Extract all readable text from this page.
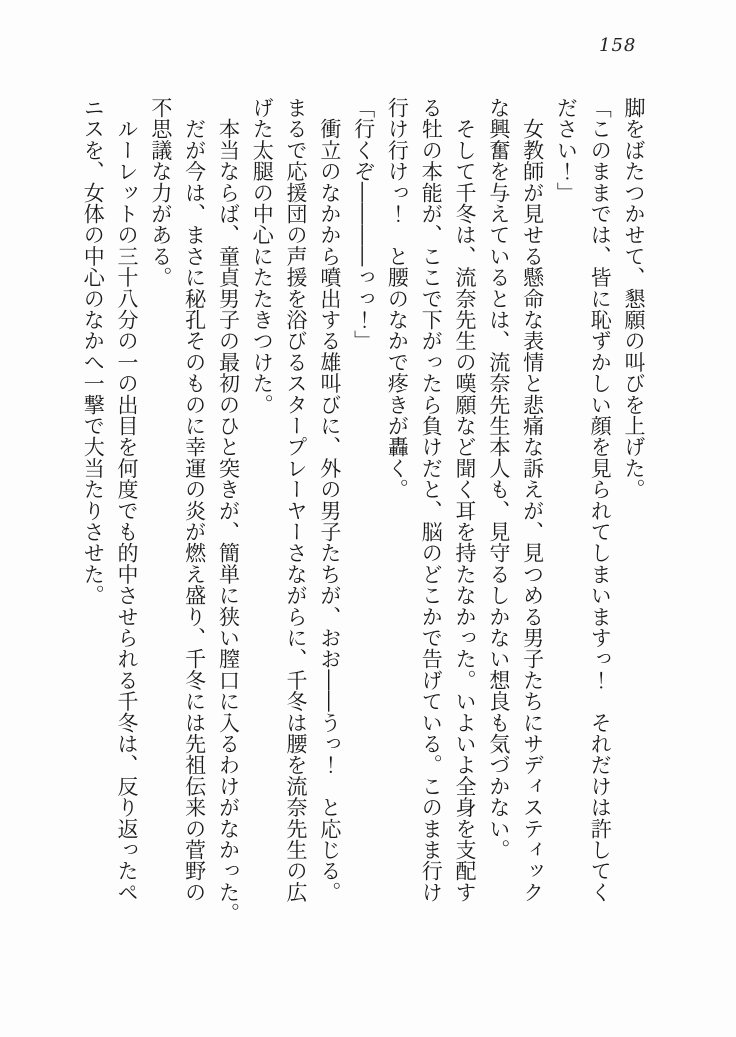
158
脚をばたつかせて、懇願の叫びを上げた。
「このままでは、皆に恥ずかしい顔を見られてしまいますっ！　それだけは許してく
ださい！」
　女教師が見せる懸命な表情と悲痛な訴えが、見つめる男子たちにサディスティック
な興奮を与えているとは、流奈先生本人も、見守るしかない想良も気づかない。
　そして千冬は、流奈先生の嘆願など聞く耳を持たなかった。いよいよ全身を支配す
る牡の本能が、ここで下がったら負けだと、脳のどこかで告げている。このまま行け
行け行けっ！　と腰のなかで疼きが轟く。
「行くぞ――――っっ！」
　衝立のなかから噴出する雄叫びに、外の男子たちが、おお――うっ！　と応じる。
まるで応援団の声援を浴びるスタープレーヤーさながらに、千冬は腰を流奈先生の広
げた太腿の中心にたたきつけた。
　本当ならば、童貞男子の最初のひと突きが、簡単に狭い膣口に入るわけがなかった。
　だが今は、まさに秘孔そのものに幸運の炎が燃え盛り、千冬には先祖伝来の菅野の
不思議な力がある。
　ルーレットの三十八分の一の出目を何度でも的中させられる千冬は、反り返ったペ
ニスを、女体の中心のなかへ一撃で大当たりさせた。
